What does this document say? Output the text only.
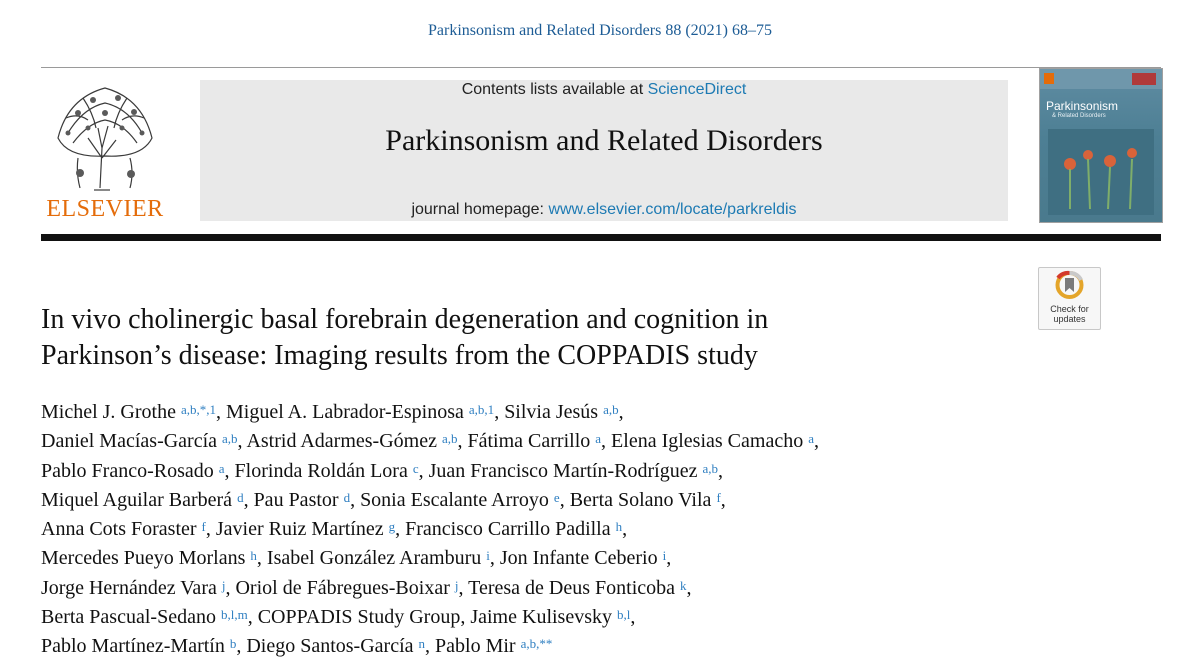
Parkinsonism and Related Disorders 88 (2021) 68–75
ELSEVIER
Contents lists available at ScienceDirect
Parkinsonism and Related Disorders
journal homepage: www.elsevier.com/locate/parkreldis
Parkinsonism
& Related Disorders
Check for
updates
In vivo cholinergic basal forebrain degeneration and cognition in
Parkinson’s disease: Imaging results from the COPPADIS study
Michel J. Grothe $^{a,b,*,1}$, Miguel A. Labrador-Espinosa $^{a,b,1}$, Silvia Jesús $^{a,b}$,
Daniel Macías-García $^{a,b}$, Astrid Adarmes-Gómez $^{a,b}$, Fátima Carrillo $^a$, Elena Iglesias Camacho $^a$,
Pablo Franco-Rosado $^a$, Florinda Roldán Lora $^c$, Juan Francisco Martín-Rodríguez $^{a,b}$,
Miquel Aguilar Barberá $^d$, Pau Pastor $^d$, Sonia Escalante Arroyo $^e$, Berta Solano Vila $^f$,
Anna Cots Foraster $^f$, Javier Ruiz Martínez $^g$, Francisco Carrillo Padilla $^h$,
Mercedes Pueyo Morlans $^h$, Isabel González Aramburu $^i$, Jon Infante Ceberio $^i$,
Jorge Hernández Vara $^j$, Oriol de Fábregues-Boixar $^j$, Teresa de Deus Fonticoba $^k$,
Berta Pascual-Sedano $^{b,l,m}$, COPPADIS Study Group, Jaime Kulisevsky $^{b,l}$,
Pablo Martínez-Martín $^b$, Diego Santos-García $^n$, Pablo Mir $^{a,b,**}$
